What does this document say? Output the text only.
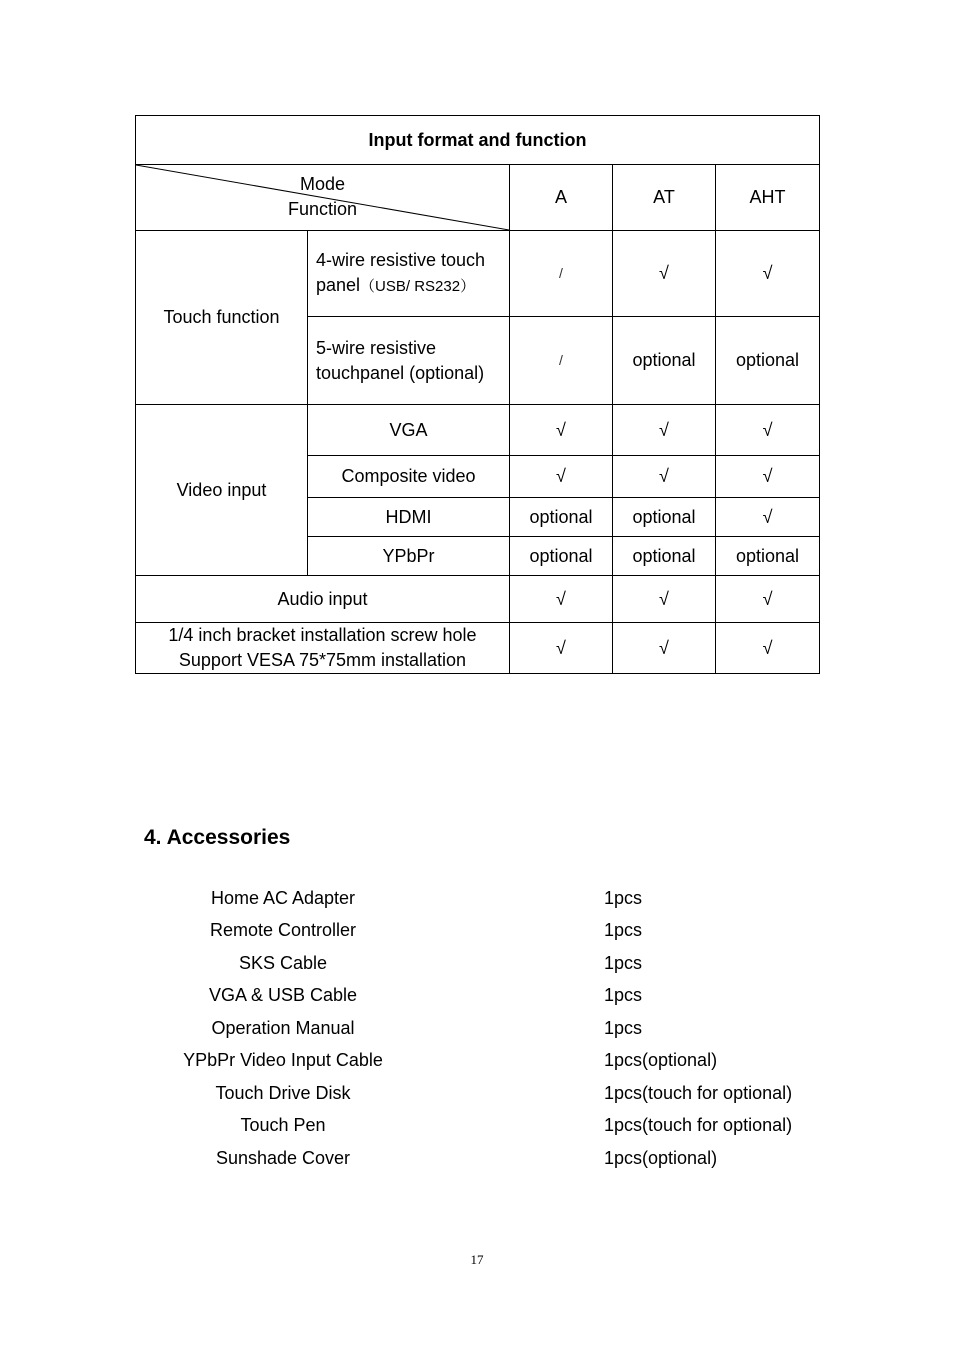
Input format and function				

Mode
Function		A	AT	AHT
Touch function	4-wire resistive touch panel（USB/ RS232）	/	√	√
	5-wire resistive touchpanel (optional)	/	optional	optional
Video input	VGA	√	√	√
	Composite video	√	√	√
	HDMI	optional	optional	√
	YPbPr	optional	optional	optional
Audio input		√	√	√

1/4 inch bracket installation screw hole
Support VESA 75*75mm installation		√	√	√
4. Accessories
Home AC Adapter	1pcs
Remote Controller	1pcs
SKS Cable	1pcs
VGA & USB Cable	1pcs
Operation Manual	1pcs
YPbPr Video Input Cable	1pcs(optional)
Touch Drive Disk	1pcs(touch for optional)
Touch Pen	1pcs(touch for optional)
Sunshade Cover	1pcs(optional)
17
